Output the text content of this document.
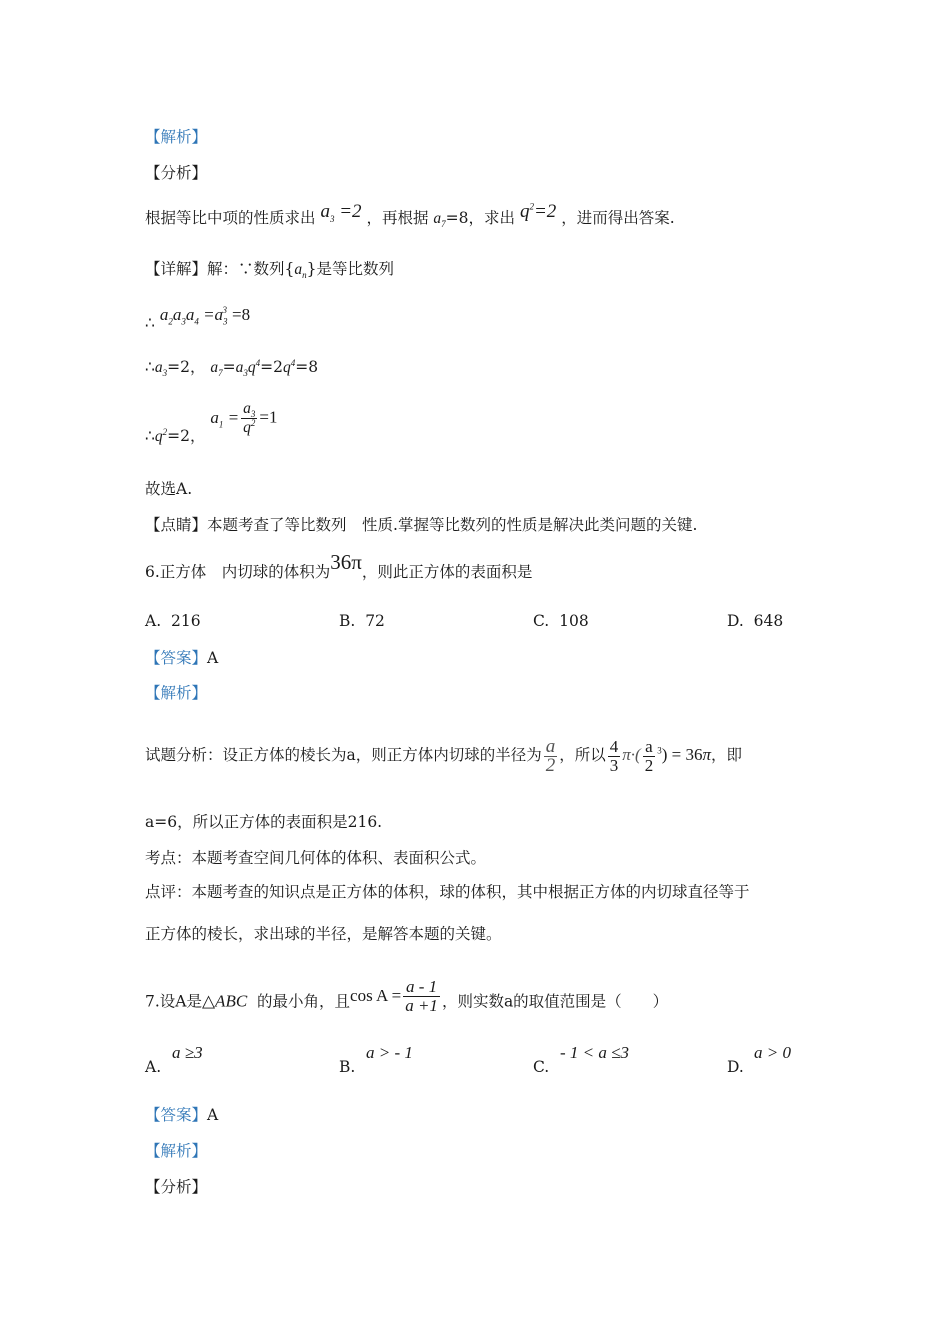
【解析】
【分析】
根据等比中项的性质求出 $a_3 =2$ ，再根据 $a_7=8$，求出 $q^2=2$ ，进而得出答案.
【详解】解：∵数列$\{a_n\}$是等比数列
∴ $a_2a_3a_4 =a_3^3 =8$
$\therefore a_3=2$， $a_7=a_3q^4=2q^4=8$
$\therefore q^2=2$， $a_1 = \frac{a_3}{q^2} =1$
故选A.
【点睛】本题考查了等比数列　性质.掌握等比数列的性质是解决此类问题的关键.
6.正方体　内切球的体积为36π，则此正方体的表面积是
A. 216	B. 72	C. 108	D. 648
【答案】A
【解析】
试题分析：设正方体的棱长为a，则正方体内切球的半径为 $\frac{a}{2}$ ，所以 $\frac{4}{3} \pi\cdot( \frac{a}{2} ^3) = 36\pi$，即
a=6，所以正方体的表面积是216.
考点：本题考查空间几何体的体积、表面积公式。
点评：本题考查的知识点是正方体的体积，球的体积，其中根据正方体的内切球直径等于
正方体的棱长，求出球的半径，是解答本题的关键。
7.设A是△ABC 的最小角，且$\cos A = \frac{a - 1}{a +1}$ ，则实数a的取值范围是（　　）
A.
a ≥3
B.
a > - 1
C.
- 1 < a ≤3
D.
a > 0
【答案】A
【解析】
【分析】
